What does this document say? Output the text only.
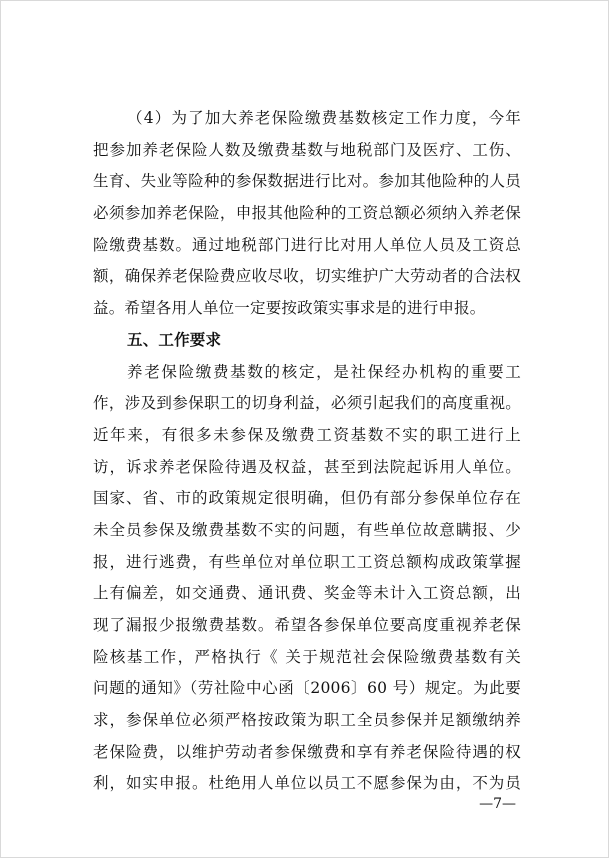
（4）为了加大养老保险缴费基数核定工作力度，今年
把参加养老保险人数及缴费基数与地税部门及医疗、工伤、
生育、失业等险种的参保数据进行比对。参加其他险种的人员
必须参加养老保险，申报其他险种的工资总额必须纳入养老保
险缴费基数。通过地税部门进行比对用人单位人员及工资总
额，确保养老保险费应收尽收，切实维护广大劳动者的合法权
益。希望各用人单位一定要按政策实事求是的进行申报。
五、工作要求
养老保险缴费基数的核定，是社保经办机构的重要工
作，涉及到参保职工的切身利益，必须引起我们的高度重视。
近年来，有很多未参保及缴费工资基数不实的职工进行上
访，诉求养老保险待遇及权益，甚至到法院起诉用人单位。
国家、省、市的政策规定很明确，但仍有部分参保单位存在
未全员参保及缴费基数不实的问题，有些单位故意瞒报、少
报，进行逃费，有些单位对单位职工工资总额构成政策掌握
上有偏差，如交通费、通讯费、奖金等未计入工资总额，出
现了漏报少报缴费基数。希望各参保单位要高度重视养老保
险核基工作，严格执行《 关于规范社会保险缴费基数有关
问题的通知》（劳社险中心函〔2006〕60 号）规定。为此要
求，参保单位必须严格按政策为职工全员参保并足额缴纳养
老保险费，以维护劳动者参保缴费和享有养老保险待遇的权
利，如实申报。杜绝用人单位以员工不愿参保为由，不为员
—7—
